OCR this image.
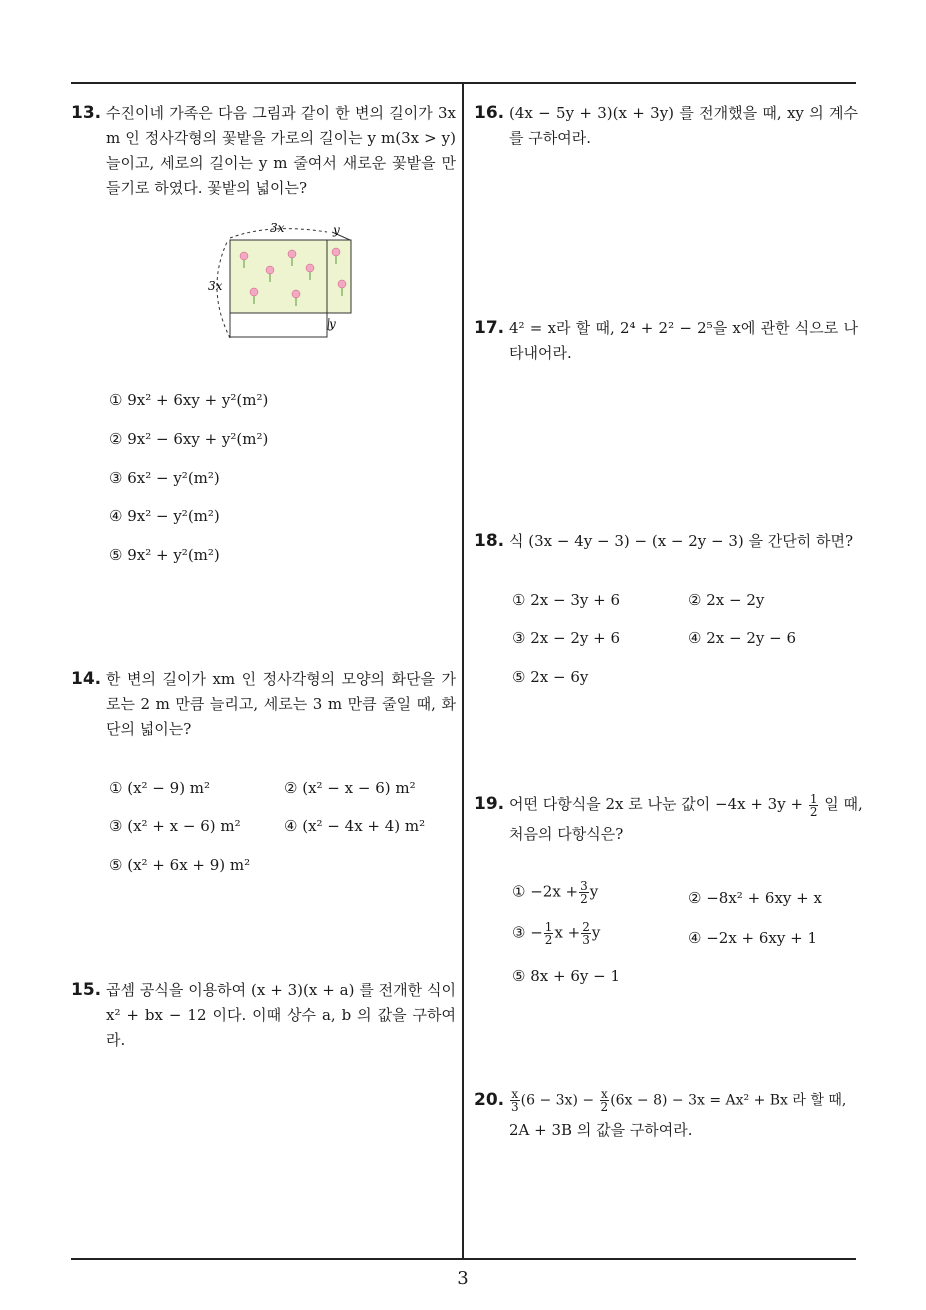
13. 수진이네 가족은 다음 그림과 같이 한 변의 길이가 3x m 인 정사각형의 꽃밭을 가로의 길이는 y m(3x > y) 늘이고, 세로의 길이는 y m 줄여서 새로운 꽃밭을 만들기로 하였다. 꽃밭의 넓이는?
3x	y
3x
y
① 9x² + 6xy + y²(m²)
② 9x² − 6xy + y²(m²)
③ 6x² − y²(m²)
④ 9x² − y²(m²)
⑤ 9x² + y²(m²)
14. 한 변의 길이가 xm 인 정사각형의 모양의 화단을 가로는 2 m 만큼 늘리고, 세로는 3 m 만큼 줄일 때, 화단의 넓이는?
① (x² − 9) m²	② (x² − x − 6) m²
③ (x² + x − 6) m²	④ (x² − 4x + 4) m²
⑤ (x² + 6x + 9) m²
15. 곱셈 공식을 이용하여 (x + 3)(x + a) 를 전개한 식이 x² + bx − 12 이다. 이때 상수 a, b 의 값을 구하여라.
16. (4x − 5y + 3)(x + 3y) 를 전개했을 때, xy 의 계수를 구하여라.
17. 4² = x라 할 때, 2⁴ + 2² − 2⁵을 x에 관한 식으로 나타내어라.
18. 식 (3x − 4y − 3) − (x − 2y − 3) 을 간단히 하면?
① 2x − 3y + 6	② 2x − 2y
③ 2x − 2y + 6	④ 2x − 2y − 6
⑤ 2x − 6y
19. 어떤 다항식을 2x 로 나눈 값이 $-4x + 3y + \frac{1}{2}$ 일 때,
처음의 다항식은?
① $-2x + \frac{3}{2}$ y	② −8x² + 6xy + x
③ − $\frac{1}{2}$ $x + \frac{2}{3}$ y	④ −2x + 6xy + 1
⑤ 8x + 6y − 1
20. $\frac{x}{3} (6 - 3x) - \frac{x}{2} (6x - 8) - 3x = Ax^2 + Bx$ 라 할 때,
2A + 3B 의 값을 구하여라.
3
